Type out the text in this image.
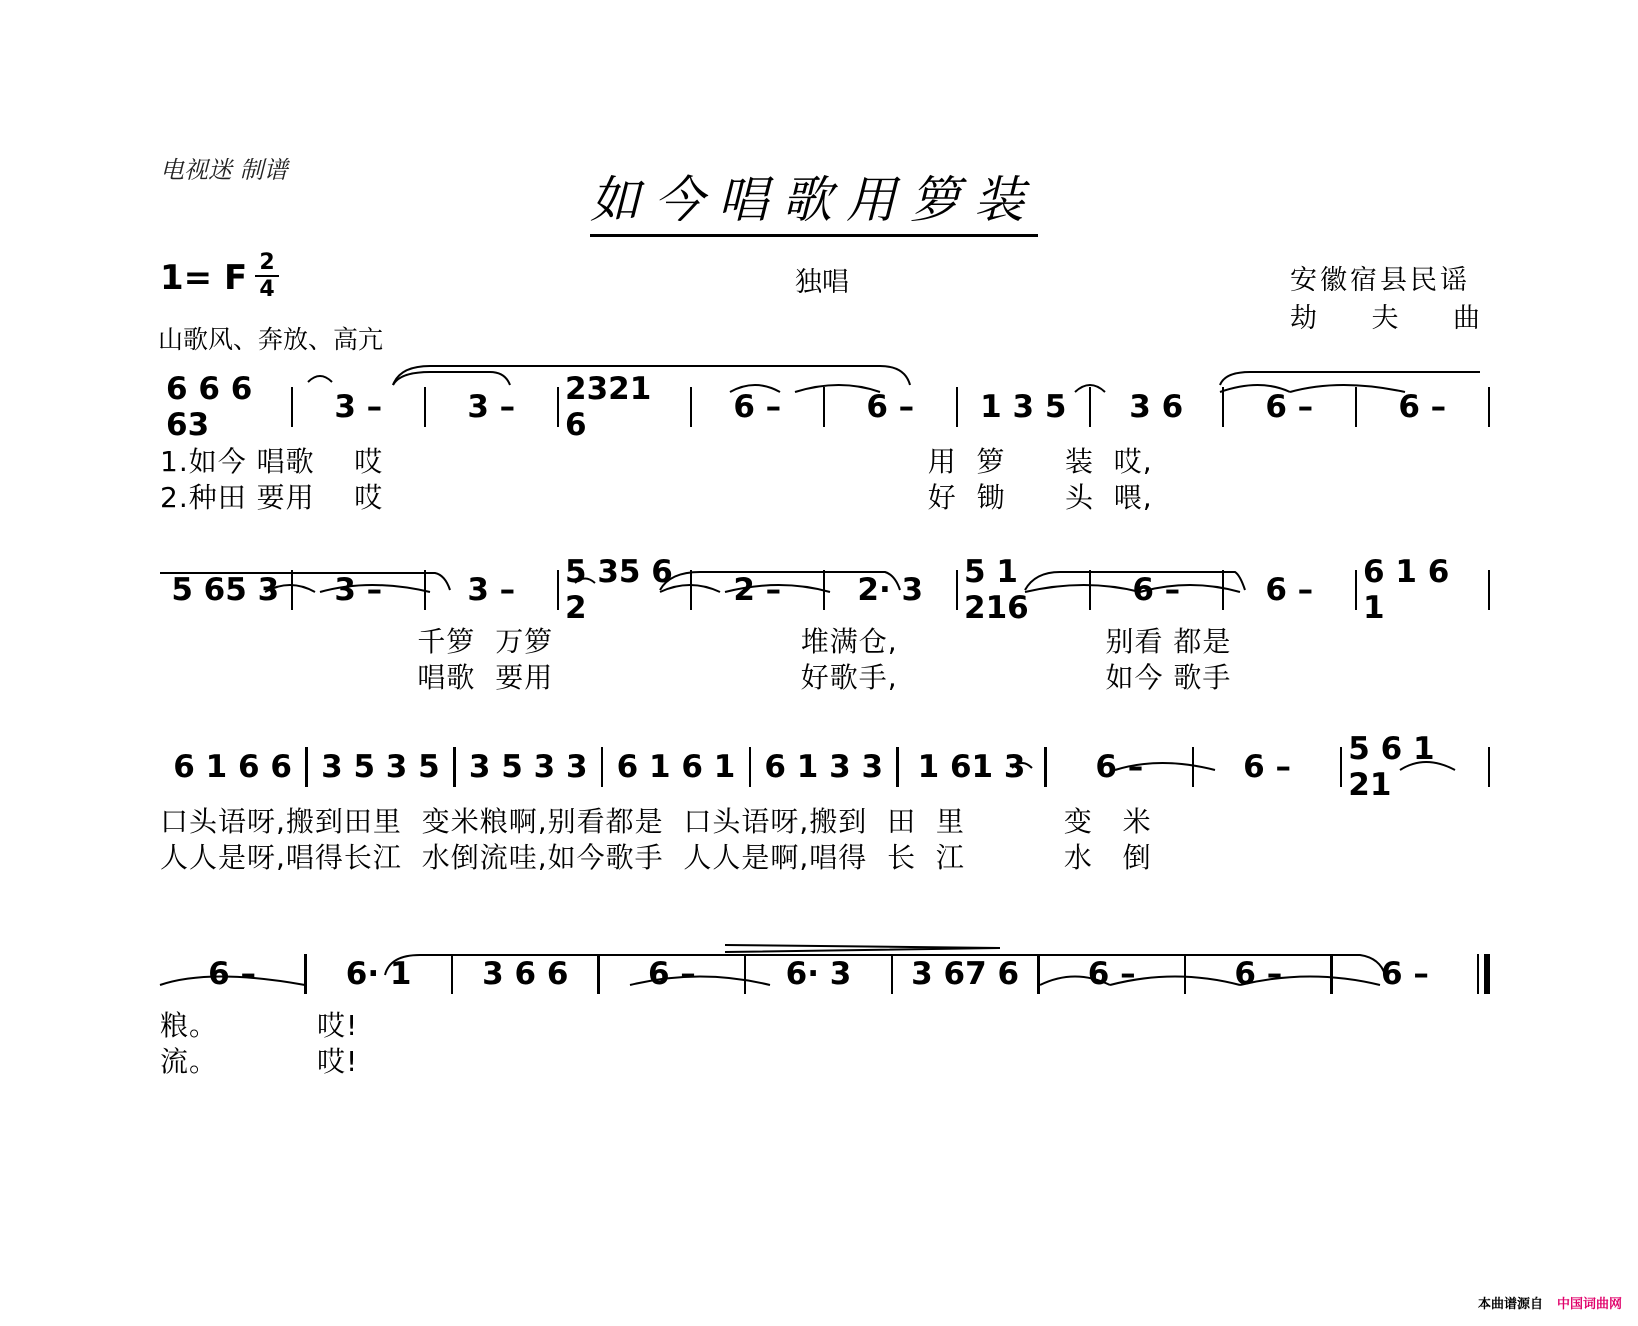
电视迷 制谱
如今唱歌用箩装
1= F 2
4	独唱	安徽宿县民谣
劫 夫 曲
山歌风、奔放、高亢
6 6 6 63	3 –	3 –	2321 6	6 –	6 –	1 3 5	3 6	6 –	6 –
1.如今 唱歌    哎                                                       用  箩      装  哎,
2.种田 要用    哎                                                       好  锄      头  喂,
5 65 3	3 –	3 –	5 35 6 2	2 –	2· 3	5 1 216	6 –	6 –	6 1 6 1
千箩  万箩                         堆满仓,                     别看 都是
唱歌  要用                         好歌手,                     如今 歌手
6 1 6 6 3 5 3 5 3 5 3 3 6 1 6 1 6 1 3 3	1 61 3	6 –	6 –	5 6 1 21
口头语呀,搬到田里  变米粮啊,别看都是  口头语呀,搬到  田  里          变   米
人人是呀,唱得长江  水倒流哇,如今歌手  人人是啊,唱得  长  江          水   倒
6 –	6· 1	3 6 6	6 –	6· 3	3 67 6	6 –	6 –	6 –
粮。          哎!
流。          哎!
本曲谱源自 中国词曲网
